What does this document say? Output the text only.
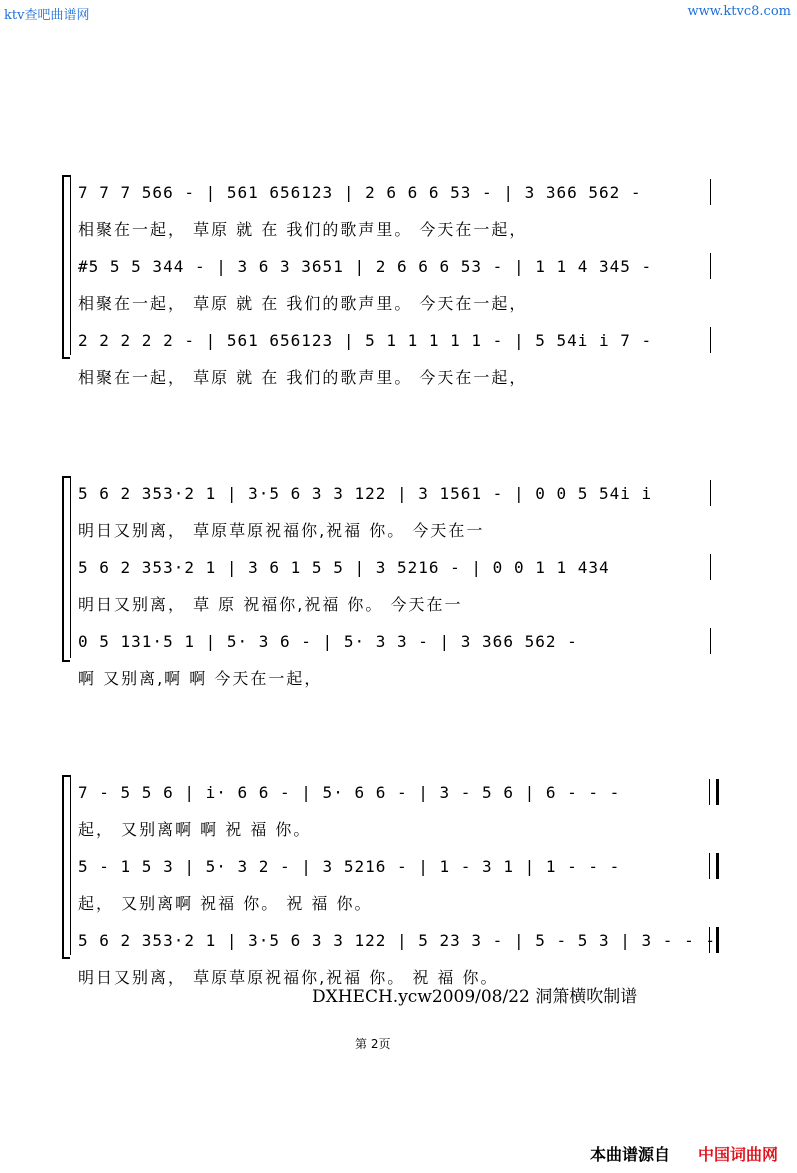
ktv查吧曲谱网	www.ktvc8.com
7 7 7 566 - | 561 656123 | 2 6 6 6 53 - | 3 366 562 -
相聚在一起， 草原 就 在 我们的歌声里。 今天在一起，
#5 5 5 344 - | 3 6 3 3651 | 2 6 6 6 53 - | 1 1 4 345 -
相聚在一起， 草原 就 在 我们的歌声里。 今天在一起，
2 2 2 2 2 - | 561 656123 | 5 1 1 1 1 1 - | 5 54i i 7 -
相聚在一起， 草原 就 在 我们的歌声里。 今天在一起，
5 6 2 353·2 1 | 3·5 6 3 3 122 | 3 1561 - | 0 0 5 54i i
明日又别离， 草原草原祝福你,祝福 你。 今天在一
5 6 2 353·2 1 | 3 6 1 5 5 | 3 5216 - | 0 0 1 1 434
明日又别离， 草 原 祝福你,祝福 你。 今天在一
0 5 131·5 1 | 5· 3 6 - | 5· 3 3 - | 3 366 562 -
啊 又别离,啊 啊 今天在一起，
7 - 5 5 6 | i· 6 6 - | 5· 6 6 - | 3 - 5 6 | 6 - - -
起， 又别离啊 啊 祝 福 你。
5 - 1 5 3 | 5· 3 2 - | 3 5216 - | 1 - 3 1 | 1 - - -
起， 又别离啊 祝福 你。 祝 福 你。
5 6 2 353·2 1 | 3·5 6 3 3 122 | 5 23 3 - | 5 - 5 3 | 3 - - -
明日又别离， 草原草原祝福你,祝福 你。 祝 福 你。
DXHECH.ycw2009/08/22 洞箫横吹制谱
第 2页
本曲谱源自 中国词曲网
